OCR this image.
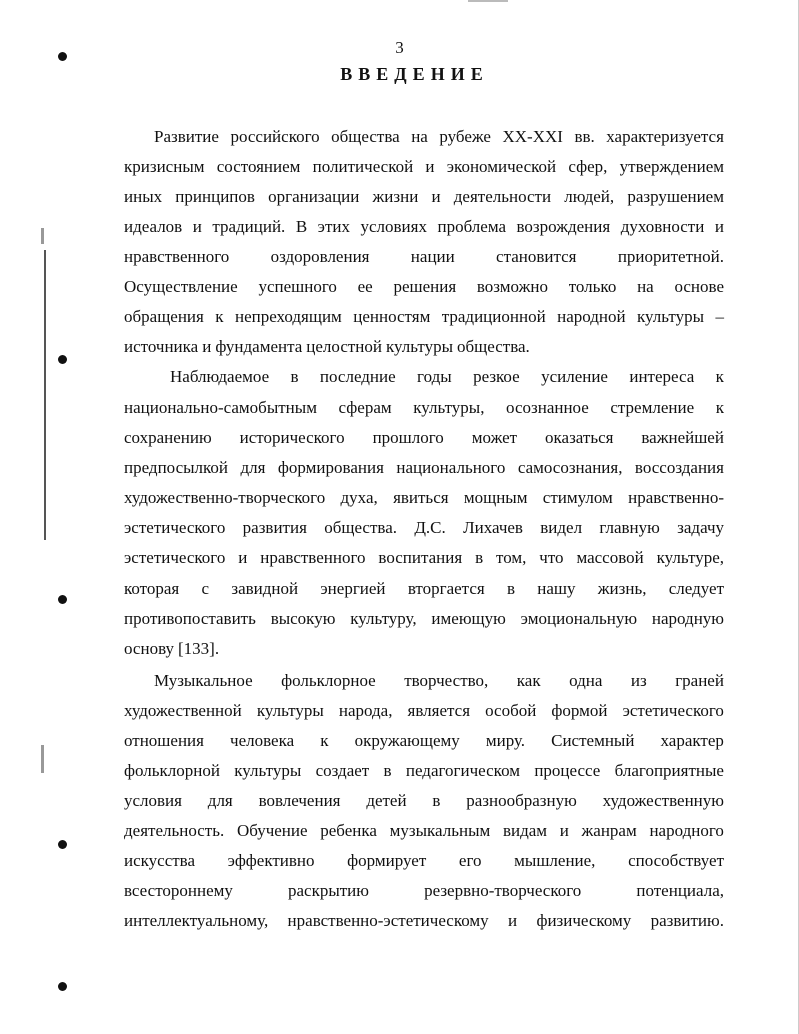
3
ВВЕДЕНИЕ
Развитие российского общества на рубеже XX-XXI вв. характеризуется
кризисным состоянием политической и экономической сфер, утверждением
иных принципов организации жизни и деятельности людей, разрушением
идеалов и традиций. В этих условиях проблема возрождения духовности и
нравственного оздоровления нации становится приоритетной.
Осуществление успешного ее решения возможно только на основе
обращения к непреходящим ценностям традиционной народной культуры –
источника и фундамента целостной культуры общества.
Наблюдаемое в последние годы резкое усиление интереса к
национально-самобытным сферам культуры, осознанное стремление к
сохранению исторического прошлого может оказаться важнейшей
предпосылкой для формирования национального самосознания, воссоздания
художественно-творческого духа, явиться мощным стимулом нравственно-
эстетического развития общества. Д.С. Лихачев видел главную задачу
эстетического и нравственного воспитания в том, что массовой культуре,
которая с завидной энергией вторгается в нашу жизнь, следует
противопоставить высокую культуру, имеющую эмоциональную народную
основу [133].
Музыкальное фольклорное творчество, как одна из граней
художественной культуры народа, является особой формой эстетического
отношения человека к окружающему миру. Системный характер
фольклорной культуры создает в педагогическом процессе благоприятные
условия для вовлечения детей в разнообразную художественную
деятельность. Обучение ребенка музыкальным видам и жанрам народного
искусства эффективно формирует его мышление, способствует
всестороннему	раскрытию	резервно-творческого	потенциала,
интеллектуальному, нравственно-эстетическому и физическому развитию.
